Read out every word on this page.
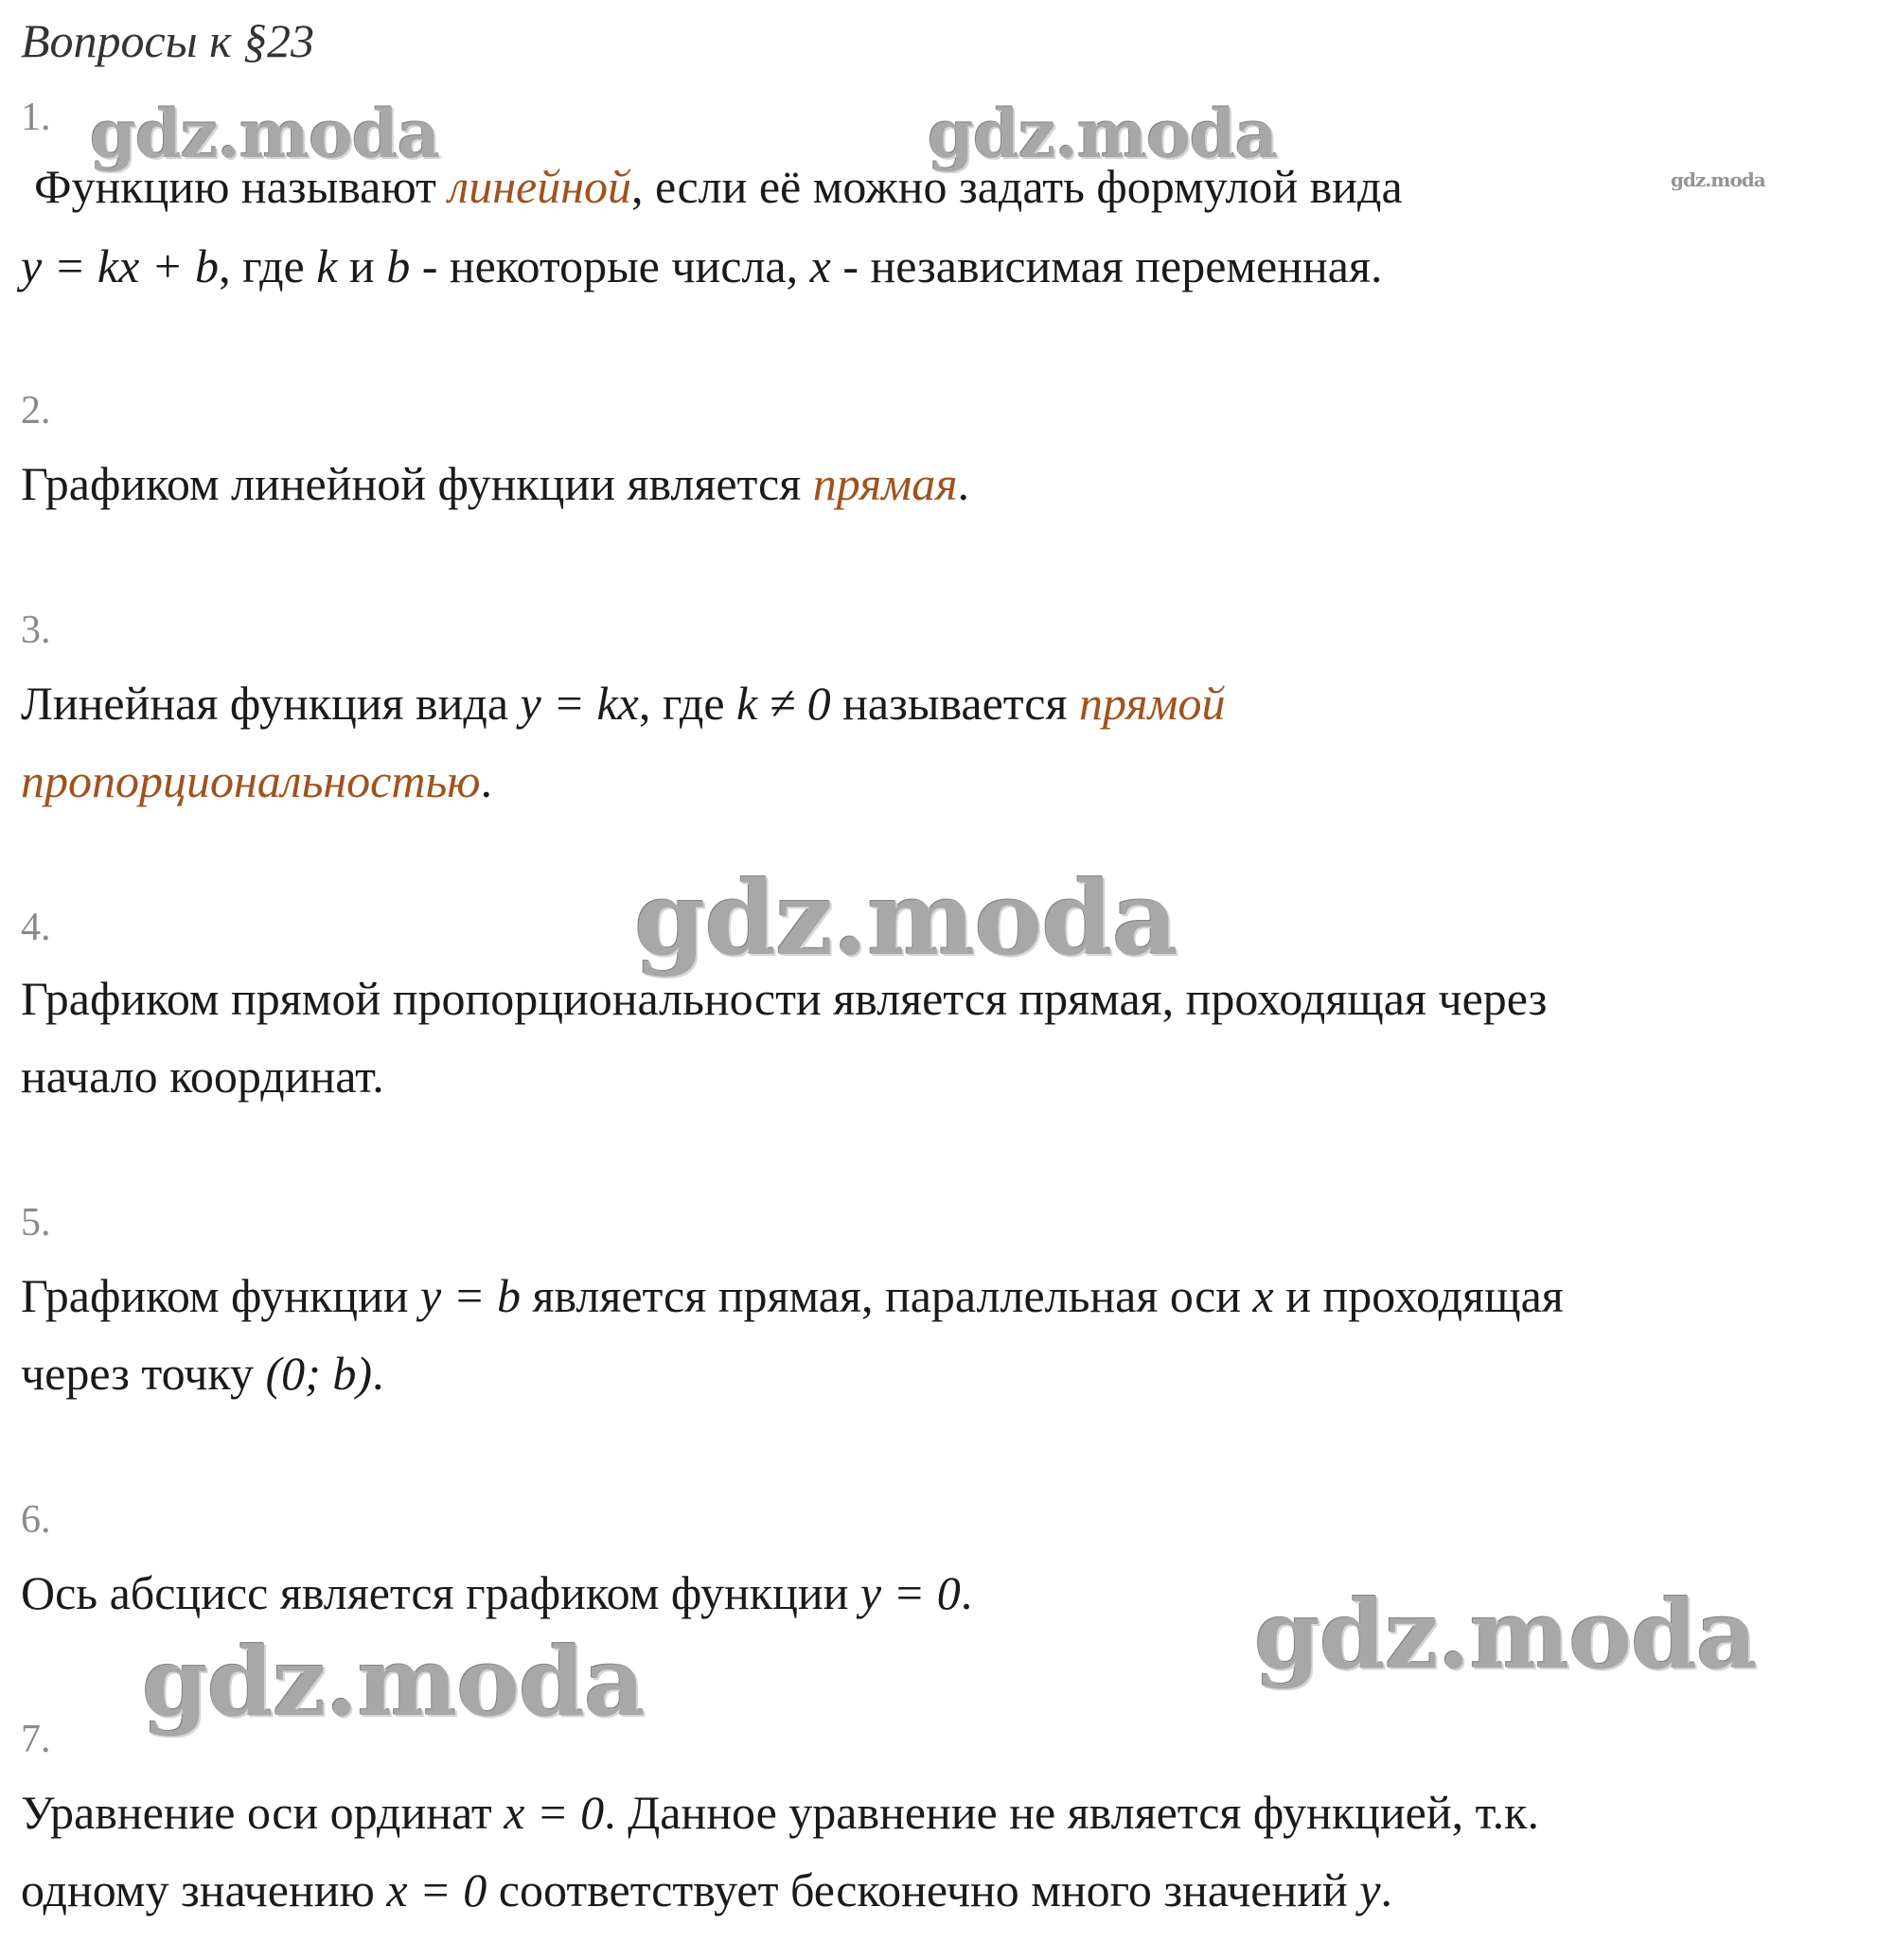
Вопросы к §23
1.
Функцию называют линейной, если её можно задать формулой вида
y = kx + b, где k и b - некоторые числа, x - независимая переменная.
2.
Графиком линейной функции является прямая.
3.
Линейная функция вида y = kx, где k ≠ 0 называется прямой
пропорциональностью.
4.
Графиком прямой пропорциональности является прямая, проходящая через
начало координат.
5.
Графиком функции y = b является прямая, параллельная оси x и проходящая
через точку (0; b).
6.
Ось абсцисс является графиком функции y = 0.
7.
Уравнение оси ординат x = 0. Данное уравнение не является функцией, т.к.
одному значению x = 0 соответствует бесконечно много значений y.
gdz.moda	gdz.moda
gdz.moda
gdz.moda
gdz.moda
gdz.moda
